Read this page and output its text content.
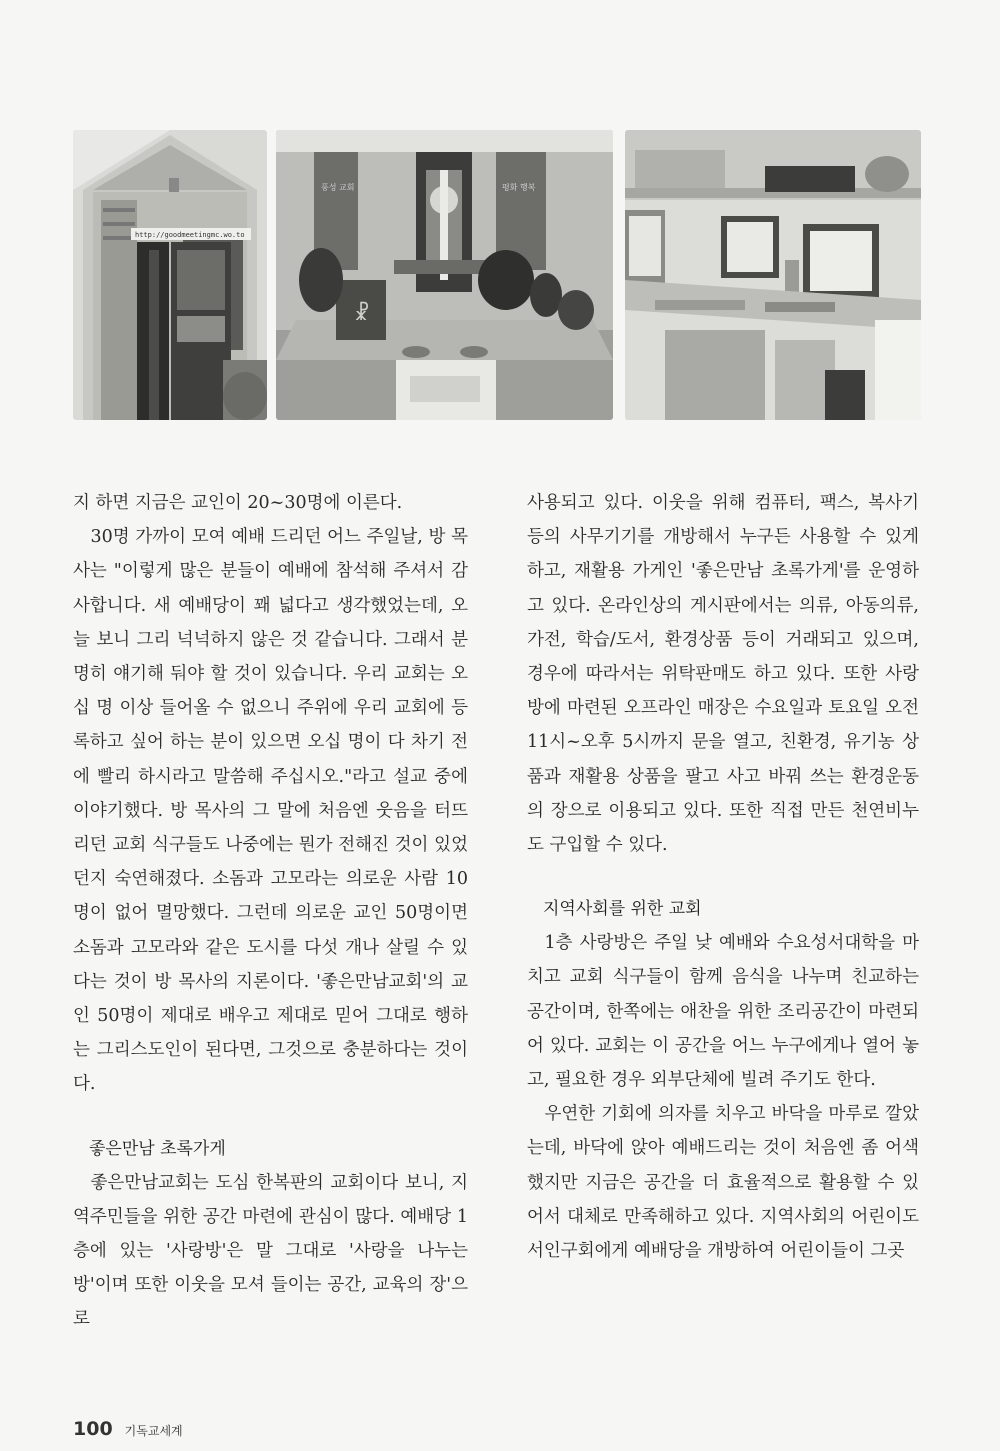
http://goodmeetingmc.wo.to
풍성 교회	평화 행복
☧

지 하면 지금은 교인이 20~30명에 이른다.

30명 가까이 모여 예배 드리던 어느 주일날, 방 목사는 "이렇게 많은 분들이 예배에 참석해 주셔서 감사합니다. 새 예배당이 꽤 넓다고 생각했었는데, 오늘 보니 그리 넉넉하지 않은 것 같습니다. 그래서 분명히 얘기해 둬야 할 것이 있습니다. 우리 교회는 오십 명 이상 들어올 수 없으니 주위에 우리 교회에 등록하고 싶어 하는 분이 있으면 오십 명이 다 차기 전에 빨리 하시라고 말씀해 주십시오."라고 설교 중에 이야기했다. 방 목사의 그 말에 처음엔 웃음을 터뜨리던 교회 식구들도 나중에는 뭔가 전해진 것이 있었던지 숙연해졌다. 소돔과 고모라는 의로운 사람 10명이 없어 멸망했다. 그런데 의로운 교인 50명이면 소돔과 고모라와 같은 도시를 다섯 개나 살릴 수 있다는 것이 방 목사의 지론이다. '좋은만남교회'의 교인 50명이 제대로 배우고 제대로 믿어 그대로 행하는 그리스도인이 된다면, 그것으로 충분하다는 것이다.

좋은만남 초록가게

좋은만남교회는 도심 한복판의 교회이다 보니, 지역주민들을 위한 공간 마련에 관심이 많다. 예배당 1층에 있는 '사랑방'은 말 그대로 '사랑을 나누는 방'이며 또한 이웃을 모셔 들이는 공간, 교육의 장'으로

사용되고 있다. 이웃을 위해 컴퓨터, 팩스, 복사기 등의 사무기기를 개방해서 누구든 사용할 수 있게 하고, 재활용 가게인 '좋은만남 초록가게'를 운영하고 있다. 온라인상의 게시판에서는 의류, 아동의류, 가전, 학습/도서, 환경상품 등이 거래되고 있으며, 경우에 따라서는 위탁판매도 하고 있다. 또한 사랑방에 마련된 오프라인 매장은 수요일과 토요일 오전 11시~오후 5시까지 문을 열고, 친환경, 유기농 상품과 재활용 상품을 팔고 사고 바꿔 쓰는 환경운동의 장으로 이용되고 있다. 또한 직접 만든 천연비누도 구입할 수 있다.

지역사회를 위한 교회

1층 사랑방은 주일 낮 예배와 수요성서대학을 마치고 교회 식구들이 함께 음식을 나누며 친교하는 공간이며, 한쪽에는 애찬을 위한 조리공간이 마련되어 있다. 교회는 이 공간을 어느 누구에게나 열어 놓고, 필요한 경우 외부단체에 빌려 주기도 한다.

우연한 기회에 의자를 치우고 바닥을 마루로 깔았는데, 바닥에 앉아 예배드리는 것이 처음엔 좀 어색했지만 지금은 공간을 더 효율적으로 활용할 수 있어서 대체로 만족해하고 있다. 지역사회의 어린이도서인구회에게 예배당을 개방하여 어린이들이 그곳

100 기독교세계
